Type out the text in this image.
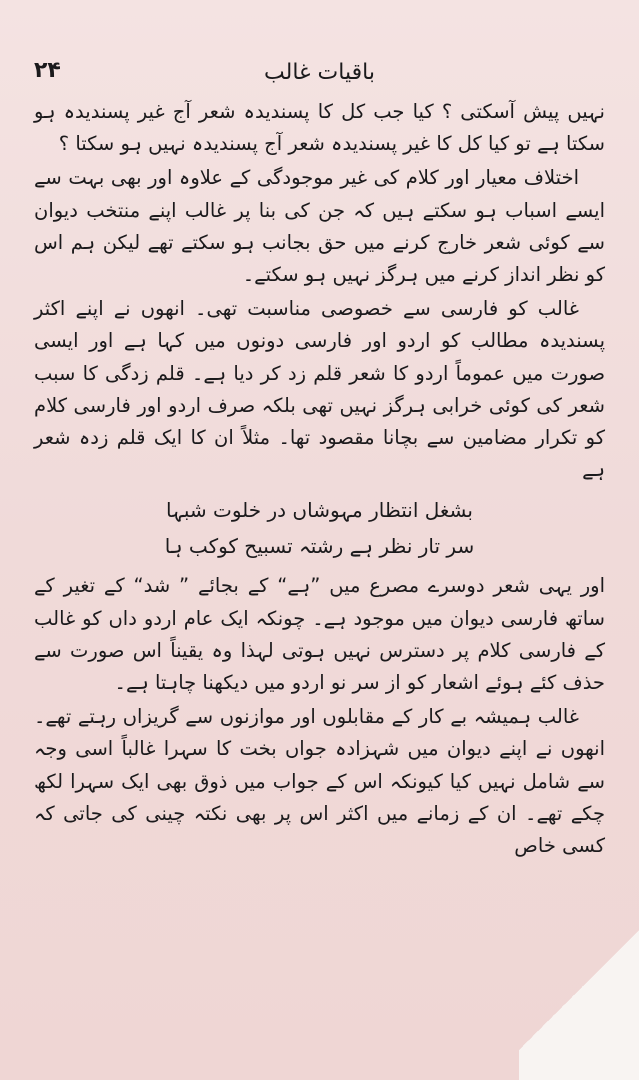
۲۴	باقیات غالب

نہیں پیش آسکتی ؟ کیا جب کل کا پسندیدہ شعر آج غیر پسندیدہ ہو سکتا ہے تو کیا کل کا غیر پسندیدہ شعر آج پسندیدہ نہیں ہو سکتا ؟

اختلاف معیار اور کلام کی غیر موجودگی کے علاوہ اور بھی بہت سے ایسے اسباب ہو سکتے ہیں کہ جن کی بنا پر غالب اپنے منتخب دیوان سے کوئی شعر خارج کرنے میں حق بجانب ہو سکتے تھے لیکن ہم اس کو نظر انداز کرنے میں ہرگز نہیں ہو سکتے۔

غالب کو فارسی سے خصوصی مناسبت تھی۔ انھوں نے اپنے اکثر پسندیدہ مطالب کو اردو اور فارسی دونوں میں کہا ہے اور ایسی صورت میں عموماً اردو کا شعر قلم زد کر دیا ہے۔ قلم زدگی کا سبب شعر کی کوئی خرابی ہرگز نہیں تھی بلکہ صرف اردو اور فارسی کلام کو تکرار مضامین سے بچانا مقصود تھا۔ مثلاً ان کا ایک قلم زدہ شعر ہے

بشغل انتظار مہوشاں در خلوت شبہا
سر تار نظر ہے رشتہ تسبیح کوکب ہا

اور یہی شعر دوسرے مصرع میں ”ہے“ کے بجائے ” شد“ کے تغیر کے ساتھ فارسی دیوان میں موجود ہے۔ چونکہ ایک عام اردو داں کو غالب کے فارسی کلام پر دسترس نہیں ہوتی لہذا وہ یقیناً اس صورت سے حذف کئے ہوئے اشعار کو از سر نو اردو میں دیکھنا چاہتا ہے۔

غالب ہمیشہ بے کار کے مقابلوں اور موازنوں سے گریزاں رہتے تھے۔ انھوں نے اپنے دیوان میں شہزادہ جواں بخت کا سہرا غالباً اسی وجہ سے شامل نہیں کیا کیونکہ اس کے جواب میں ذوق بھی ایک سہرا لکھ چکے تھے۔ ان کے زمانے میں اکثر اس پر بھی نکتہ چینی کی جاتی کہ کسی خاص
